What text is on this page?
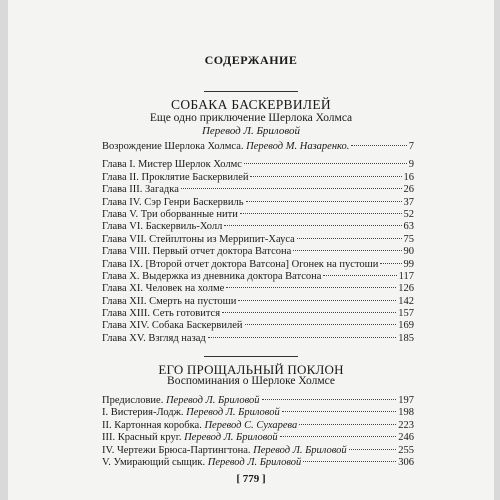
СОДЕРЖАНИЕ
СОБАКА БАСКЕРВИЛЕЙ
Еще одно приключение Шерлока Холмса
Перевод Л. Бриловой
Возрождение Шерлока Холмса. Перевод М. Назаренко.	7
Глава I. Мистер Шерлок Холмс	9
Глава II. Проклятие Баскервилей	16
Глава III. Загадка	26
Глава IV. Сэр Генри Баскервиль	37
Глава V. Три оборванные нити	52
Глава VI. Баскервиль-Холл	63
Глава VII. Стейплтоны из Меррипит-Хауса	75
Глава VIII. Первый отчет доктора Ватсона	90
Глава IX. [Второй отчет доктора Ватсона] Огонек на пустоши 99
Глава X. Выдержка из дневника доктора Ватсона	117
Глава XI. Человек на холме	126
Глава XII. Смерть на пустоши	142
Глава XIII. Сеть готовится	157
Глава XIV. Собака Баскервилей	169
Глава XV. Взгляд назад	185
ЕГО ПРОЩАЛЬНЫЙ ПОКЛОН
Воспоминания о Шерлоке Холмсе
Предисловие. Перевод Л. Бриловой	197
I. Вистерия-Лодж. Перевод Л. Бриловой	198
II. Картонная коробка. Перевод С. Сухарева	223
III. Красный круг. Перевод Л. Бриловой	246
IV. Чертежи Брюса-Партингтона. Перевод Л. Бриловой	255
V. Умирающий сыщик. Перевод Л. Бриловой	306
[ 779 ]
